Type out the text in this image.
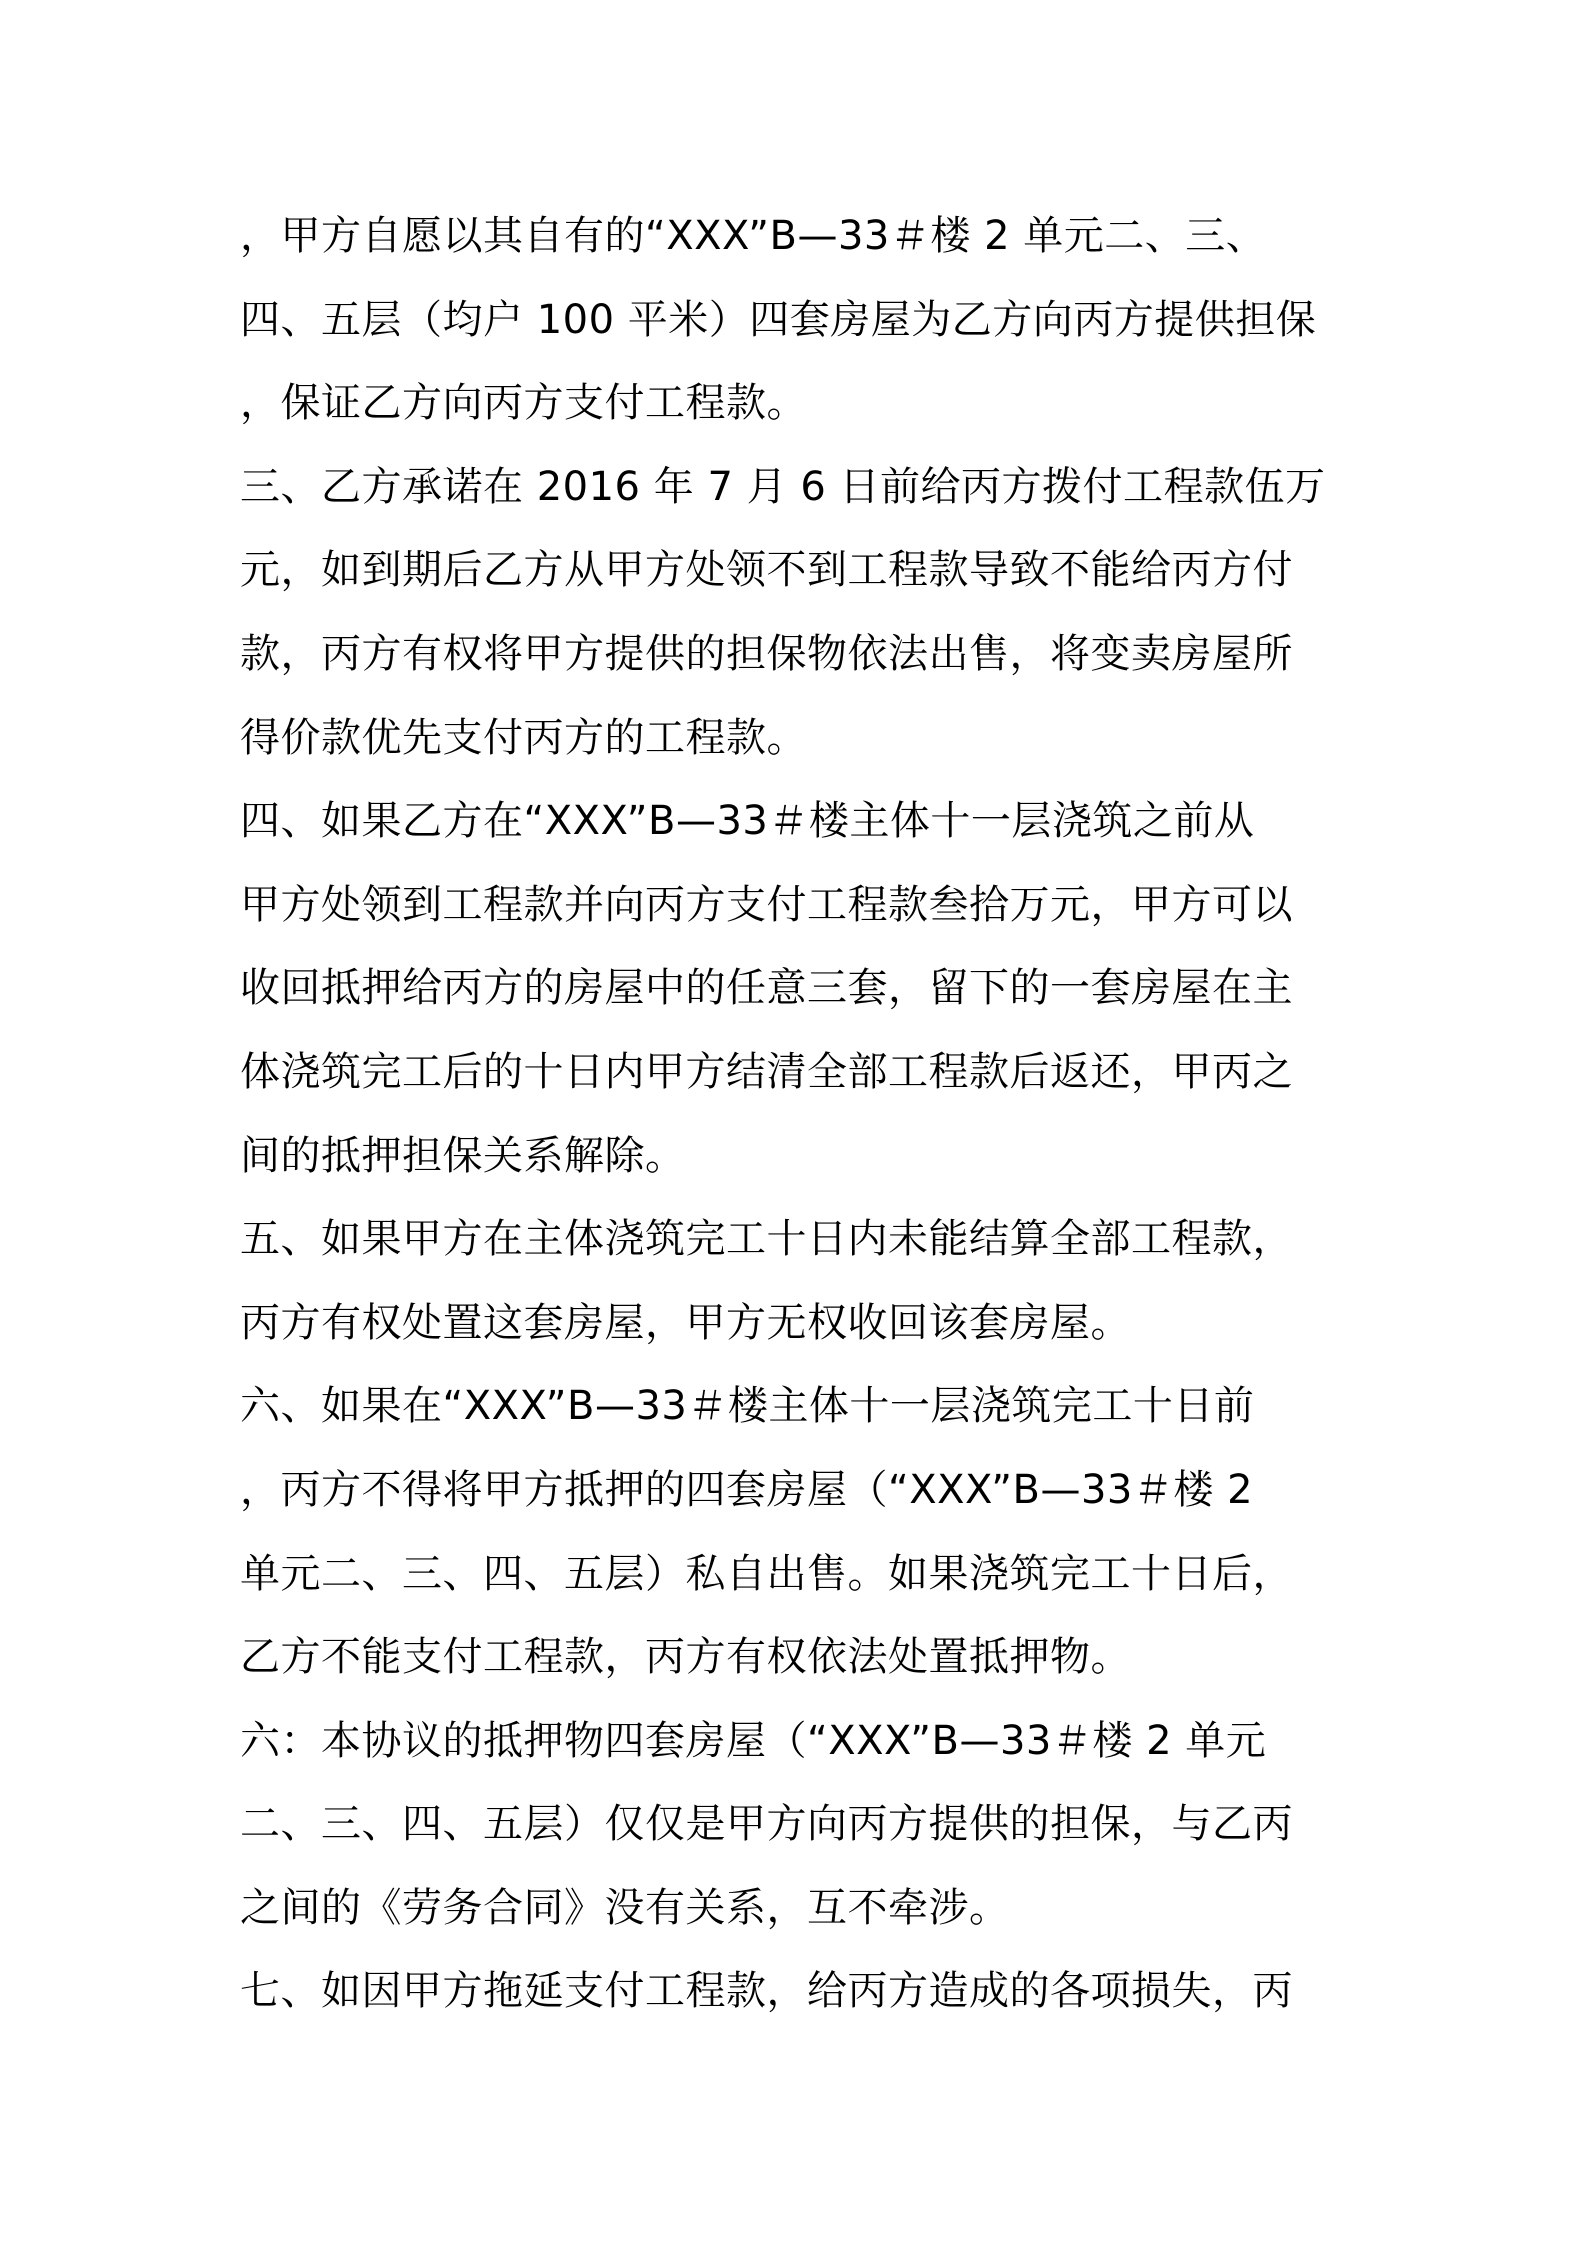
，甲方自愿以其自有的“XXX”B—33＃楼 2 单元二、三、
四、五层（均户 100 平米）四套房屋为乙方向丙方提供担保
，保证乙方向丙方支付工程款。
三、乙方承诺在 2016 年 7 月 6 日前给丙方拨付工程款伍万
元，如到期后乙方从甲方处领不到工程款导致不能给丙方付
款，丙方有权将甲方提供的担保物依法出售，将变卖房屋所
得价款优先支付丙方的工程款。
四、如果乙方在“XXX”B—33＃楼主体十一层浇筑之前从
甲方处领到工程款并向丙方支付工程款叁拾万元，甲方可以
收回抵押给丙方的房屋中的任意三套，留下的一套房屋在主
体浇筑完工后的十日内甲方结清全部工程款后返还，甲丙之
间的抵押担保关系解除。
五、如果甲方在主体浇筑完工十日内未能结算全部工程款，
丙方有权处置这套房屋，甲方无权收回该套房屋。
六、如果在“XXX”B—33＃楼主体十一层浇筑完工十日前
，丙方不得将甲方抵押的四套房屋（“XXX”B—33＃楼 2
单元二、三、四、五层）私自出售。如果浇筑完工十日后，
乙方不能支付工程款，丙方有权依法处置抵押物。
六：本协议的抵押物四套房屋（“XXX”B—33＃楼 2 单元
二、三、四、五层）仅仅是甲方向丙方提供的担保，与乙丙
之间的《劳务合同》没有关系，互不牵涉。
七、如因甲方拖延支付工程款，给丙方造成的各项损失，丙
